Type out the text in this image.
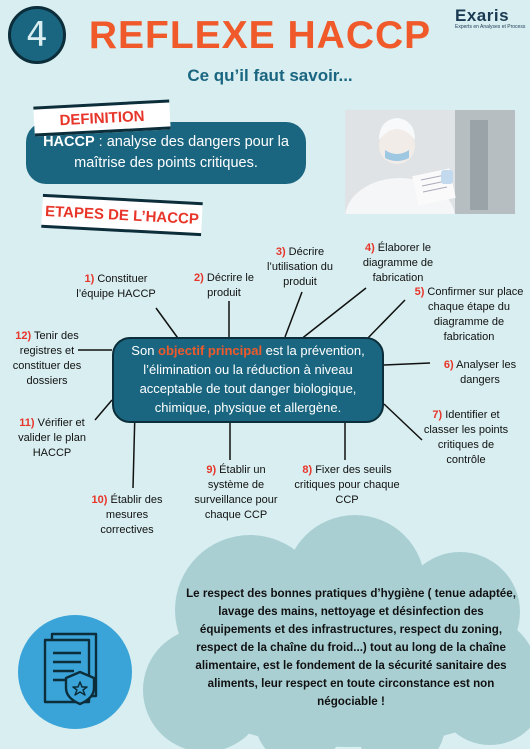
4 REFLEXE HACCP
Ce qu’il faut savoir...
Exaris
Experts en Analyses et Process
HACCP : analyse des dangers pour la maîtrise des points critiques.
DEFINITION
ETAPES DE L’HACCP
1) Constituer l’équipe HACCP
2) Décrire le produit
3) Décrire l’utilisation du produit
4) Élaborer le diagramme de fabrication
5) Confirmer sur place chaque étape du diagramme de fabrication
6) Analyser les dangers
7) Identifier et classer les points critiques de contrôle
8) Fixer des seuils critiques pour chaque CCP
9) Établir un système de surveillance pour chaque CCP
10) Établir des mesures correctives
11) Vérifier et valider le plan HACCP
12) Tenir des registres et constituer des dossiers
Son objectif principal est la prévention, l’élimination ou la réduction à niveau acceptable de tout danger biologique, chimique, physique et allergène.
Le respect des bonnes pratiques d’hygiène ( tenue adaptée, lavage des mains, nettoyage et désinfection des équipements et des infrastructures, respect du zoning, respect de la chaîne du froid...) tout au long de la chaîne alimentaire, est le fondement de la sécurité sanitaire des aliments, leur respect en toute circonstance est non négociable !
